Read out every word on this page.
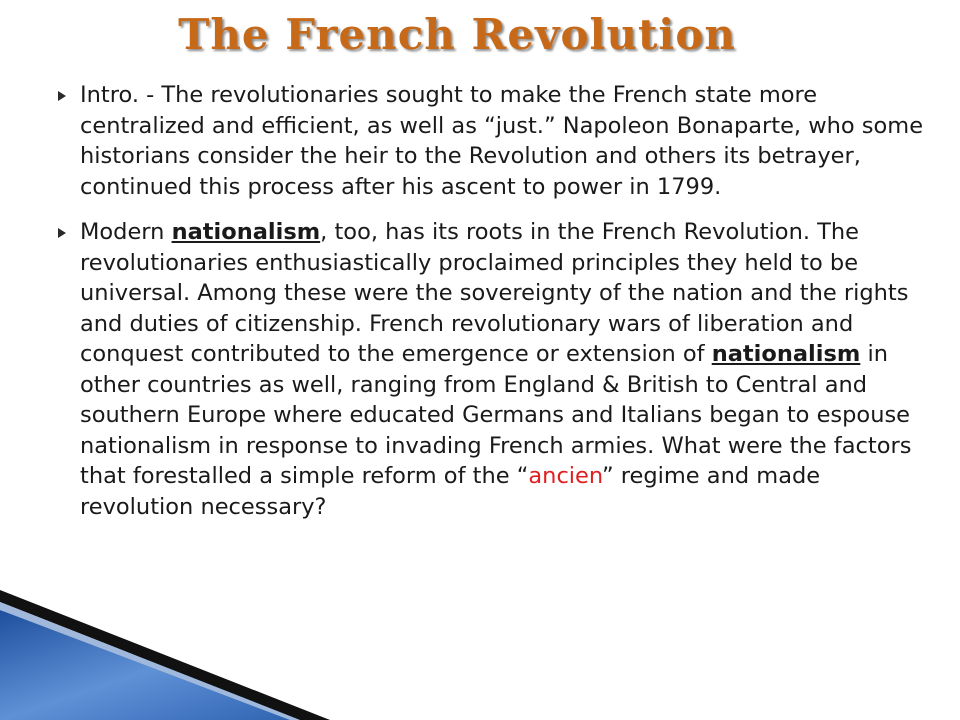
The French Revolution
Intro. - The revolutionaries sought to make the French state more centralized and efficient, as well as “just.” Napoleon Bonaparte, who some historians consider the heir to the Revolution and others its betrayer, continued this process after his ascent to power in 1799.
Modern nationalism, too, has its roots in the French Revolution. The revolutionaries enthusiastically proclaimed principles they held to be universal. Among these were the sovereignty of the nation and the rights and duties of citizenship. French revolutionary wars of liberation and conquest contributed to the emergence or extension of nationalism in other countries as well, ranging from England & British to Central and southern Europe where educated Germans and Italians began to espouse nationalism in response to invading French armies. What were the factors that forestalled a simple reform of the “ancien” regime and made revolution necessary?
